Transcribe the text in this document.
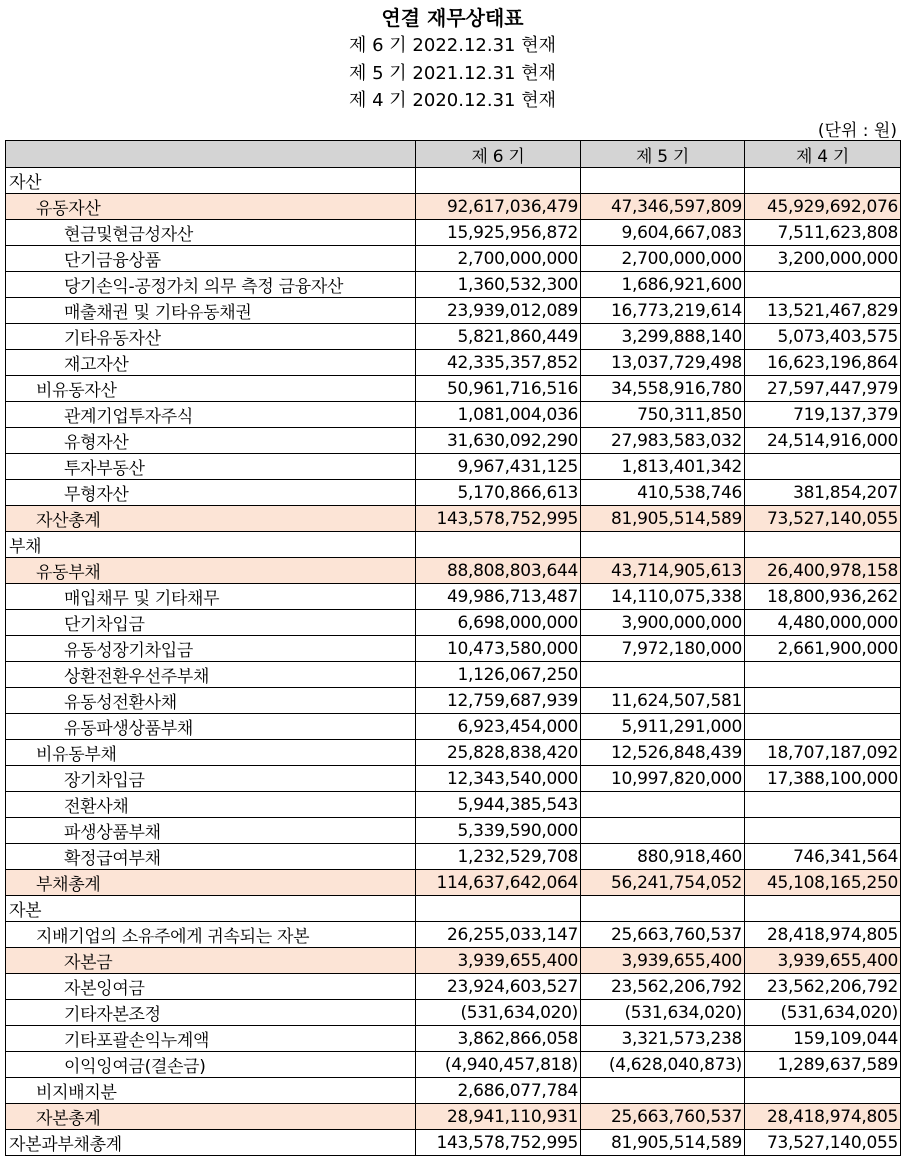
연결 재무상태표
제 6 기 2022.12.31 현재
제 5 기 2021.12.31 현재
제 4 기 2020.12.31 현재
(단위 : 원)
	제 6 기	제 5 기	제 4 기
자산			
유동자산	92,617,036,479	47,346,597,809	45,929,692,076
현금및현금성자산	15,925,956,872	9,604,667,083	7,511,623,808
단기금융상품	2,700,000,000	2,700,000,000	3,200,000,000
당기손익-공정가치 의무 측정 금융자산	1,360,532,300	1,686,921,600	
매출채권 및 기타유동채권	23,939,012,089	16,773,219,614	13,521,467,829
기타유동자산	5,821,860,449	3,299,888,140	5,073,403,575
재고자산	42,335,357,852	13,037,729,498	16,623,196,864
비유동자산	50,961,716,516	34,558,916,780	27,597,447,979
관계기업투자주식	1,081,004,036	750,311,850	719,137,379
유형자산	31,630,092,290	27,983,583,032	24,514,916,000
투자부동산	9,967,431,125	1,813,401,342	
무형자산	5,170,866,613	410,538,746	381,854,207
자산총계	143,578,752,995	81,905,514,589	73,527,140,055
부채			
유동부채	88,808,803,644	43,714,905,613	26,400,978,158
매입채무 및 기타채무	49,986,713,487	14,110,075,338	18,800,936,262
단기차입금	6,698,000,000	3,900,000,000	4,480,000,000
유동성장기차입금	10,473,580,000	7,972,180,000	2,661,900,000
상환전환우선주부채	1,126,067,250		
유동성전환사채	12,759,687,939	11,624,507,581	
유동파생상품부채	6,923,454,000	5,911,291,000	
비유동부채	25,828,838,420	12,526,848,439	18,707,187,092
장기차입금	12,343,540,000	10,997,820,000	17,388,100,000
전환사채	5,944,385,543		
파생상품부채	5,339,590,000		
확정급여부채	1,232,529,708	880,918,460	746,341,564
부채총계	114,637,642,064	56,241,754,052	45,108,165,250
자본			
지배기업의 소유주에게 귀속되는 자본	26,255,033,147	25,663,760,537	28,418,974,805
자본금	3,939,655,400	3,939,655,400	3,939,655,400
자본잉여금	23,924,603,527	23,562,206,792	23,562,206,792
기타자본조정	(531,634,020)	(531,634,020)	(531,634,020)
기타포괄손익누계액	3,862,866,058	3,321,573,238	159,109,044
이익잉여금(결손금)	(4,940,457,818)	(4,628,040,873)	1,289,637,589
비지배지분	2,686,077,784		
자본총계	28,941,110,931	25,663,760,537	28,418,974,805
자본과부채총계	143,578,752,995	81,905,514,589	73,527,140,055
